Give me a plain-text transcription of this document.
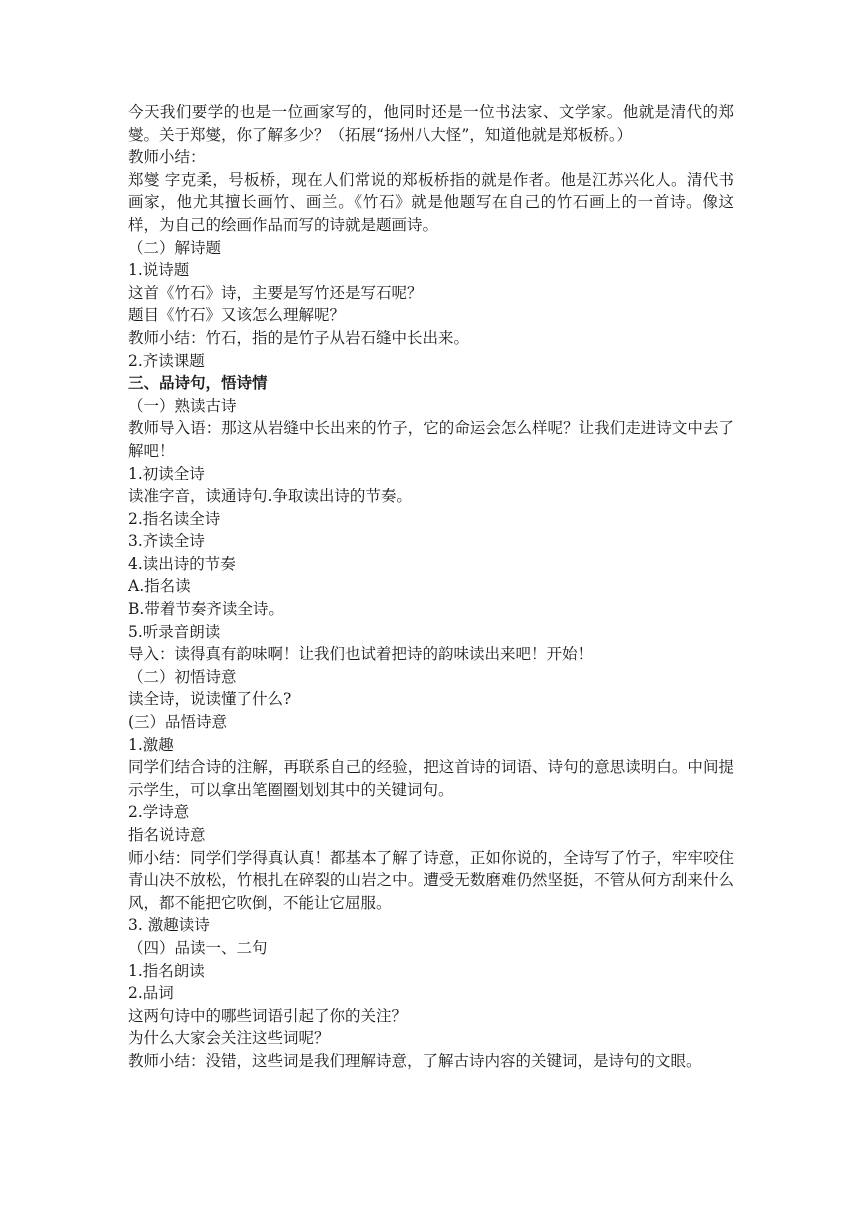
今天我们要学的也是一位画家写的，他同时还是一位书法家、文学家。他就是清代的郑燮。关于郑燮，你了解多少？（拓展“扬州八大怪”，知道他就是郑板桥。）

教师小结：

郑燮 字克柔，号板桥，现在人们常说的郑板桥指的就是作者。他是江苏兴化人。清代书画家，他尤其擅长画竹、画兰。《竹石》就是他题写在自己的竹石画上的一首诗。像这样，为自己的绘画作品而写的诗就是题画诗。

（二）解诗题

1.说诗题

这首《竹石》诗，主要是写竹还是写石呢？

题目《竹石》又该怎么理解呢？

教师小结：竹石，指的是竹子从岩石缝中长出来。

2.齐读课题

三、品诗句，悟诗情

（一）熟读古诗

教师导入语：那这从岩缝中长出来的竹子，它的命运会怎么样呢？让我们走进诗文中去了解吧！

1.初读全诗

读准字音，读通诗句.争取读出诗的节奏。

2.指名读全诗

3.齐读全诗

4.读出诗的节奏

A.指名读

B.带着节奏齐读全诗。

5.听录音朗读

导入：读得真有韵味啊！让我们也试着把诗的韵味读出来吧！开始！

（二）初悟诗意

读全诗，说读懂了什么?

(三）品悟诗意

1.激趣

同学们结合诗的注解，再联系自己的经验，把这首诗的词语、诗句的意思读明白。中间提示学生，可以拿出笔圈圈划划其中的关键词句。

2.学诗意

指名说诗意

师小结：同学们学得真认真！都基本了解了诗意，正如你说的，全诗写了竹子，牢牢咬住青山决不放松，竹根扎在碎裂的山岩之中。遭受无数磨难仍然坚挺，不管从何方刮来什么风，都不能把它吹倒，不能让它屈服。

3. 激趣读诗

（四）品读一、二句

1.指名朗读

2.品词

这两句诗中的哪些词语引起了你的关注？

为什么大家会关注这些词呢？

教师小结：没错，这些词是我们理解诗意，了解古诗内容的关键词，是诗句的文眼。
